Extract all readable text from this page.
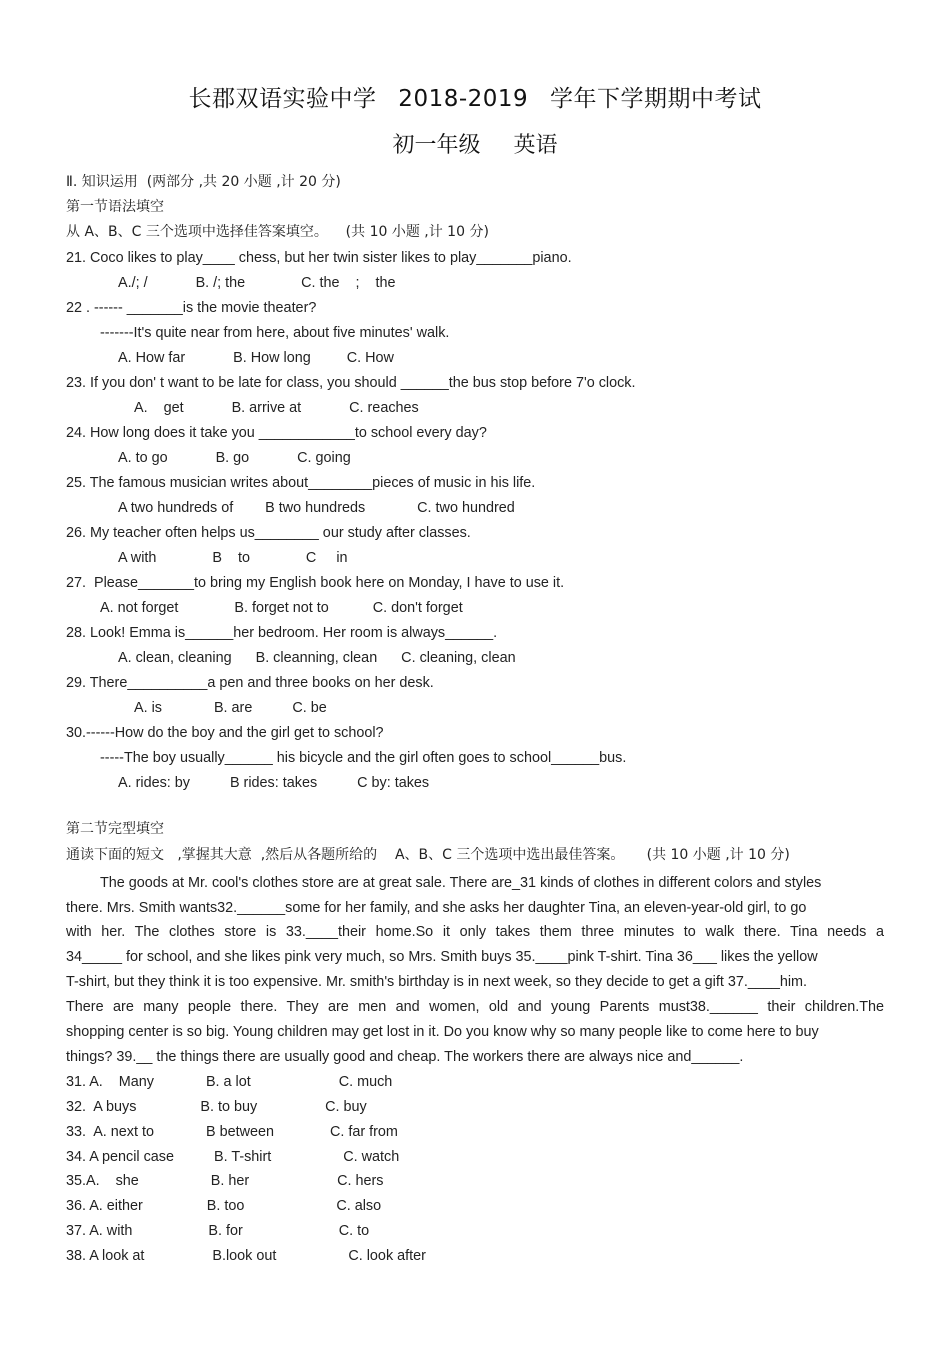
长郡双语实验中学 2018-2019 学年下学期期中考试
初一年级 英语
Ⅱ. 知识运用  (两部分 ,共 20 小题 ,计 20 分)
第一节语法填空
从 A、B、C 三个选项中选择佳答案填空。    (共 10 小题 ,计 10 分)
21. Coco likes to play____ chess, but her twin sister likes to play_______piano.
A./; /            B. /; the              C. the    ;    the
22 . ------ _______is the movie theater?
-------It's quite near from here, about five minutes' walk.
A. How far            B. How long         C. How
23. If you don' t want to be late for class, you should ______the bus stop before 7'o clock.
A.    get            B. arrive at            C. reaches
24. How long does it take you ____________to school every day?
A. to go            B. go            C. going
25. The famous musician writes about________pieces of music in his life.
A two hundreds of        B two hundreds             C. two hundred
26. My teacher often helps us________ our study after classes.
A with              B    to              C     in
27.  Please_______to bring my English book here on Monday, I have to use it.
A. not forget              B. forget not to           C. don't forget
28. Look! Emma is______her bedroom. Her room is always______.
A. clean, cleaning      B. cleanning, clean      C. cleaning, clean
29. There__________a pen and three books on her desk.
A. is             B. are          C. be
30.------How do the boy and the girl get to school?
-----The boy usually______ his bicycle and the girl often goes to school______bus.
A. rides: by          B rides: takes          C by: takes
第二节完型填空
通读下面的短文   ,掌握其大意  ,然后从各题所给的    A、B、C 三个选项中选出最佳答案。     (共 10 小题 ,计 10 分)
The goods at Mr. cool's clothes store are at great sale. There are_31 kinds of clothes in different colors and styles
there. Mrs. Smith wants32.______some for her family, and she asks her daughter Tina, an eleven-year-old girl, to go
with her. The clothes store is 33.____their home.So it only takes them three minutes to walk there. Tina needs a
34_____ for school, and she likes pink very much, so Mrs. Smith buys 35.____pink T-shirt. Tina 36___ likes the yellow
T-shirt, but they think it is too expensive. Mr. smith's birthday is in next week, so they decide to get a gift 37.____him.
There are many people there. They are men and women, old and young Parents must38.______ their children.The
shopping center is so big. Young children may get lost in it. Do you know why so many people like to come here to buy
things? 39.__ the things there are usually good and cheap. The workers there are always nice and______.
31. A.    Many             B. a lot                      C. much
32.  A buys                B. to buy                 C. buy
33.  A. next to             B between              C. far from
34. A pencil case          B. T-shirt                  C. watch
35.A.    she                  B. her                      C. hers
36. A. either                B. too                       C. also
37. A. with                   B. for                        C. to
38. A look at                 B.look out                  C. look after
